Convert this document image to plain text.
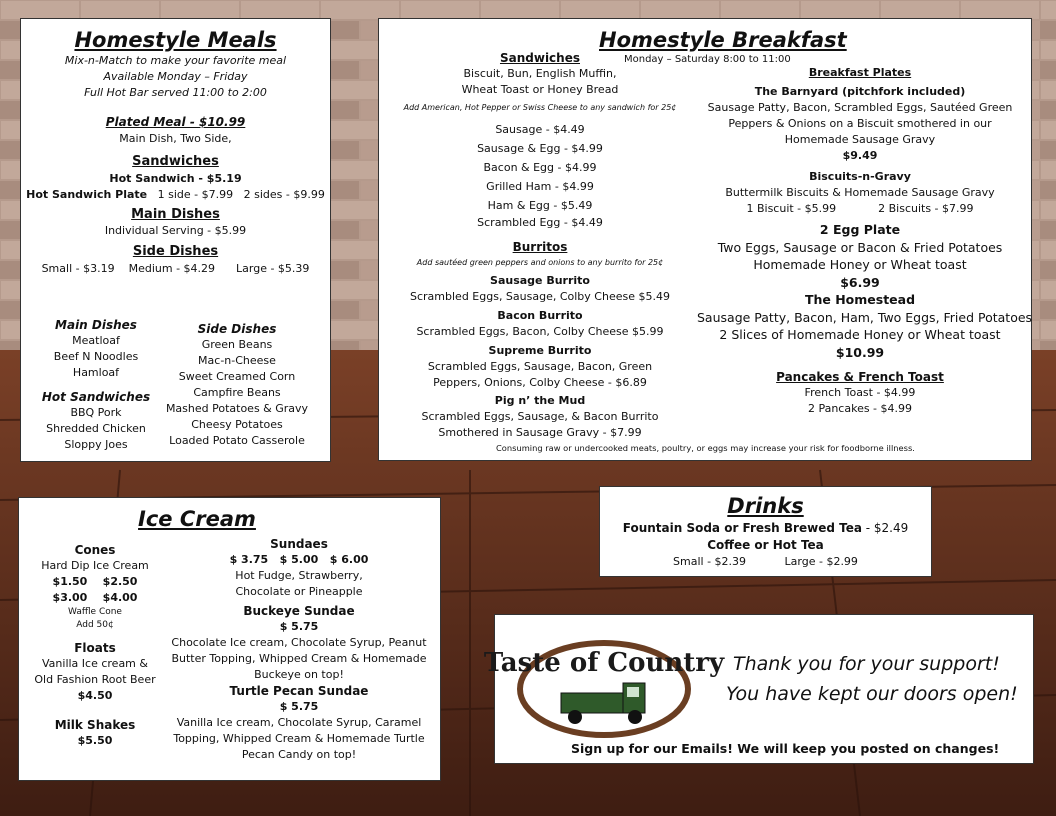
Homestyle Meals
Mix-n-Match to make your favorite meal
Available Monday – Friday
Full Hot Bar served 11:00 to 2:00
Plated Meal - $10.99
Main Dish, Two Side,
Sandwiches
Hot Sandwich - $5.19
Hot Sandwich Plate 1 side - $7.99 2 sides - $9.99
Main Dishes
Individual Serving - $5.99
Side Dishes
Small - $3.19 Medium - $4.29 Large - $5.39
Main Dishes
Meatloaf
Beef N Noodles
Hamloaf
Hot Sandwiches
BBQ Pork
Shredded Chicken
Sloppy Joes
Side Dishes
Green Beans
Mac-n-Cheese
Sweet Creamed Corn
Campfire Beans
Mashed Potatoes & Gravy
Cheesy Potatoes
Loaded Potato Casserole
Homestyle Breakfast
Sandwiches
Biscuit, Bun, English Muffin,
Wheat Toast or Honey Bread
Add American, Hot Pepper or Swiss Cheese to any sandwich for 25¢
Sausage - $4.49
Sausage & Egg - $4.99
Bacon & Egg - $4.99
Grilled Ham - $4.99
Ham & Egg - $5.49
Scrambled Egg - $4.49
Burritos
Add sautéed green peppers and onions to any burrito for 25¢
Sausage Burrito
Scrambled Eggs, Sausage, Colby Cheese $5.49
Bacon Burrito
Scrambled Eggs, Bacon, Colby Cheese $5.99
Supreme Burrito
Scrambled Eggs, Sausage, Bacon, Green
Peppers, Onions, Colby Cheese - $6.89
Pig n’ the Mud
Scrambled Eggs, Sausage, & Bacon Burrito
Smothered in Sausage Gravy - $7.99
Monday – Saturday 8:00 to 11:00
Breakfast Plates
The Barnyard (pitchfork included)
Sausage Patty, Bacon, Scrambled Eggs, Sautéed Green
Peppers & Onions on a Biscuit smothered in our
Homemade Sausage Gravy
$9.49
Biscuits-n-Gravy
Buttermilk Biscuits & Homemade Sausage Gravy
1 Biscuit - $5.99	2 Biscuits - $7.99
2 Egg Plate
Two Eggs, Sausage or Bacon & Fried Potatoes
Homemade Honey or Wheat toast
$6.99
The Homestead
Sausage Patty, Bacon, Ham, Two Eggs, Fried Potatoes
2 Slices of Homemade Honey or Wheat toast
$10.99
Pancakes & French Toast
French Toast - $4.99
2 Pancakes - $4.99
Consuming raw or undercooked meats, poultry, or eggs may increase your risk for foodborne illness.
Ice Cream
Cones
Hard Dip Ice Cream
$1.50    $2.50
$3.00    $4.00
Waffle Cone
Add 50¢
Floats
Vanilla Ice cream &
Old Fashion Root Beer
$4.50
Milk Shakes
$5.50
Sundaes
$ 3.75   $ 5.00   $ 6.00
Hot Fudge, Strawberry,
Chocolate or Pineapple
Buckeye Sundae
$ 5.75
Chocolate Ice cream, Chocolate Syrup, Peanut
Butter Topping, Whipped Cream & Homemade
Buckeye on top!
Turtle Pecan Sundae
$ 5.75
Vanilla Ice cream, Chocolate Syrup, Caramel
Topping, Whipped Cream & Homemade Turtle
Pecan Candy on top!
Drinks
Fountain Soda or Fresh Brewed Tea - $2.49
Coffee or Hot Tea
Small - $2.39	Large - $2.99
Taste of Country Thank you for your support!
You have kept our doors open!
Sign up for our Emails! We will keep you posted on changes!
